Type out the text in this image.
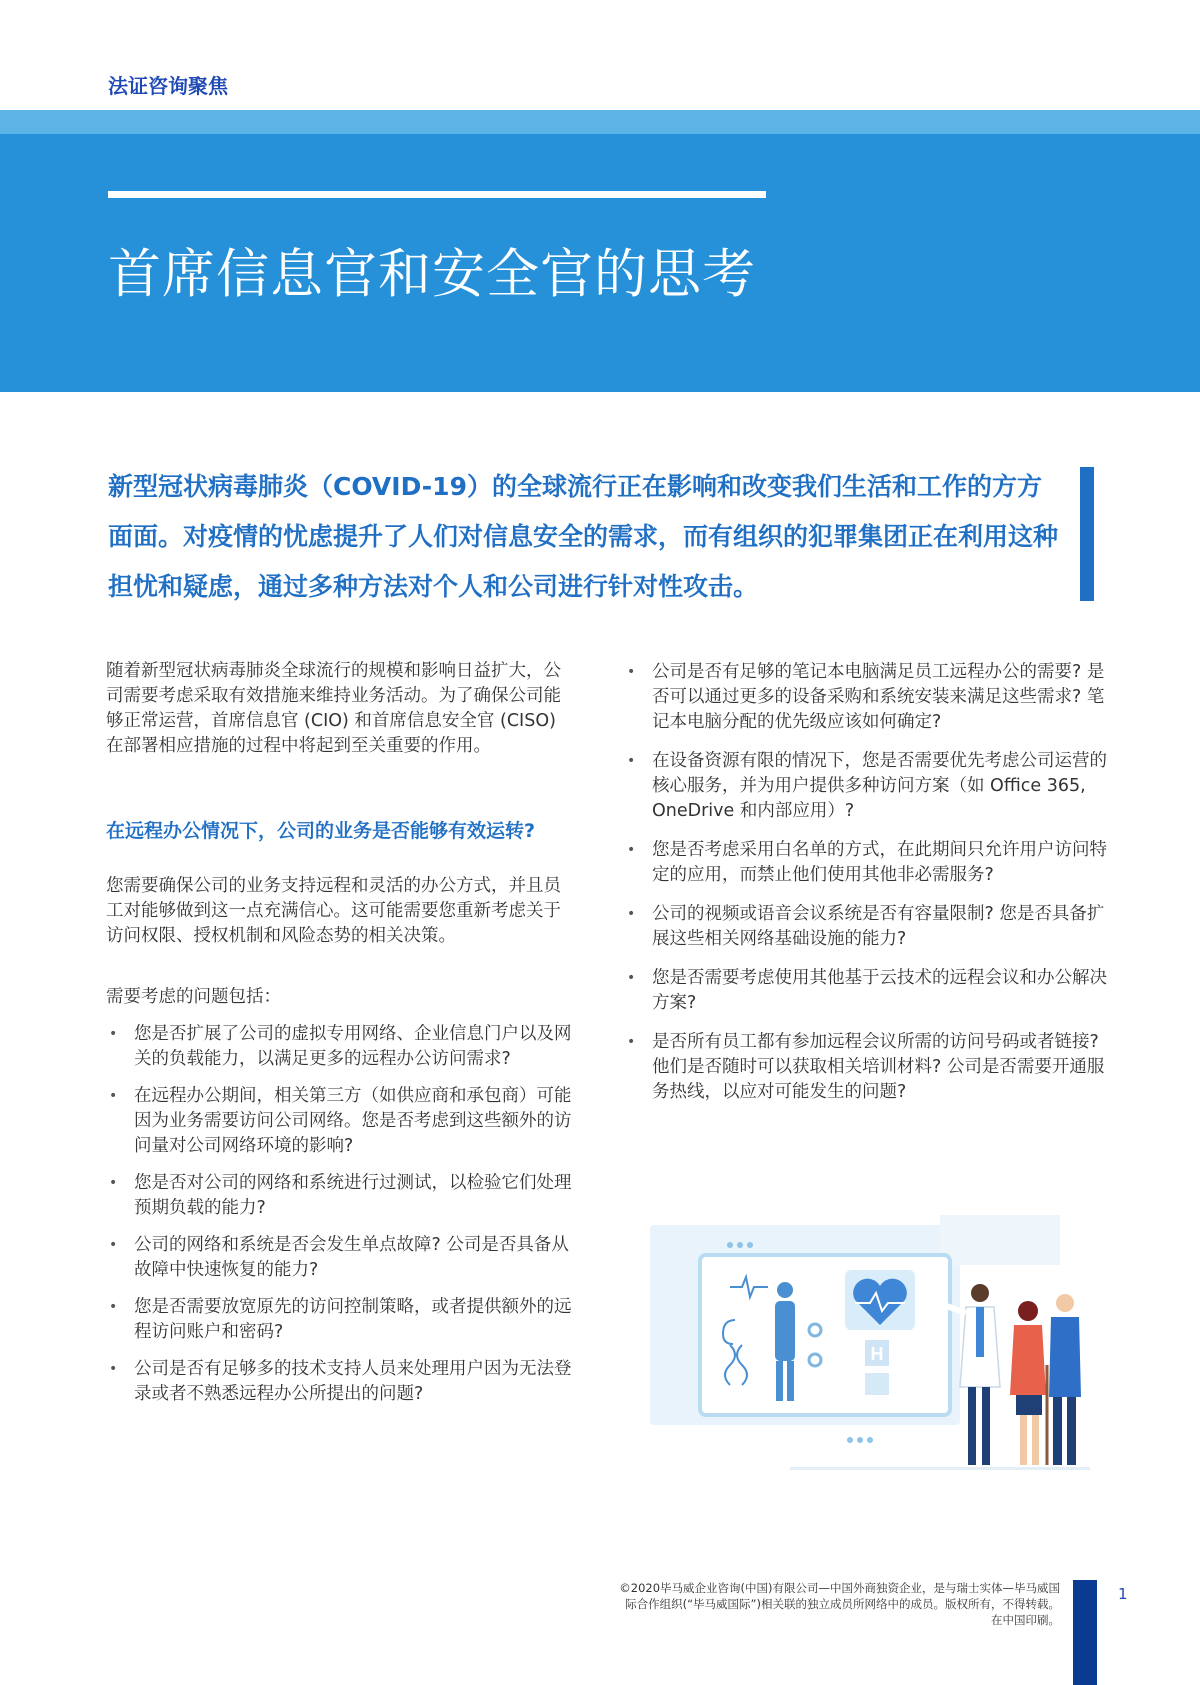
法证咨询聚焦
首席信息官和安全官的思考
新型冠状病毒肺炎（COVID-19）的全球流行正在影响和改变我们生活和工作的方方面面。对疫情的忧虑提升了人们对信息安全的需求，而有组织的犯罪集团正在利用这种担忧和疑虑，通过多种方法对个人和公司进行针对性攻击。

随着新型冠状病毒肺炎全球流行的规模和影响日益扩大，公司需要考虑采取有效措施来维持业务活动。为了确保公司能够正常运营，首席信息官 (CIO) 和首席信息安全官 (CISO) 在部署相应措施的过程中将起到至关重要的作用。

在远程办公情况下，公司的业务是否能够有效运转?

您需要确保公司的业务支持远程和灵活的办公方式，并且员工对能够做到这一点充满信心。这可能需要您重新考虑关于访问权限、授权机制和风险态势的相关决策。

需要考虑的问题包括：

• 您是否扩展了公司的虚拟专用网络、企业信息门户以及网关的负载能力，以满足更多的远程办公访问需求?
• 在远程办公期间，相关第三方（如供应商和承包商）可能因为业务需要访问公司网络。您是否考虑到这些额外的访问量对公司网络环境的影响?
• 您是否对公司的网络和系统进行过测试，以检验它们处理预期负载的能力?
• 公司的网络和系统是否会发生单点故障? 公司是否具备从故障中快速恢复的能力?
• 您是否需要放宽原先的访问控制策略，或者提供额外的远程访问账户和密码?
• 公司是否有足够多的技术支持人员来处理用户因为无法登录或者不熟悉远程办公所提出的问题?
• 公司是否有足够的笔记本电脑满足员工远程办公的需要? 是否可以通过更多的设备采购和系统安装来满足这些需求? 笔记本电脑分配的优先级应该如何确定?
• 在设备资源有限的情况下，您是否需要优先考虑公司运营的核心服务，并为用户提供多种访问方案（如 Office 365, OneDrive 和内部应用）?
• 您是否考虑采用白名单的方式，在此期间只允许用户访问特定的应用，而禁止他们使用其他非必需服务?
• 公司的视频或语音会议系统是否有容量限制? 您是否具备扩展这些相关网络基础设施的能力?
• 您是否需要考虑使用其他基于云技术的远程会议和办公解决方案?
• 是否所有员工都有参加远程会议所需的访问号码或者链接? 他们是否随时可以获取相关培训材料? 公司是否需要开通服务热线，以应对可能发生的问题?
H
©2020毕马威企业咨询(中国)有限公司—中国外商独资企业，是与瑞士实体—毕马威国
际合作组织(“毕马威国际”)相关联的独立成员所网络中的成员。版权所有，不得转载。
在中国印刷。
1
